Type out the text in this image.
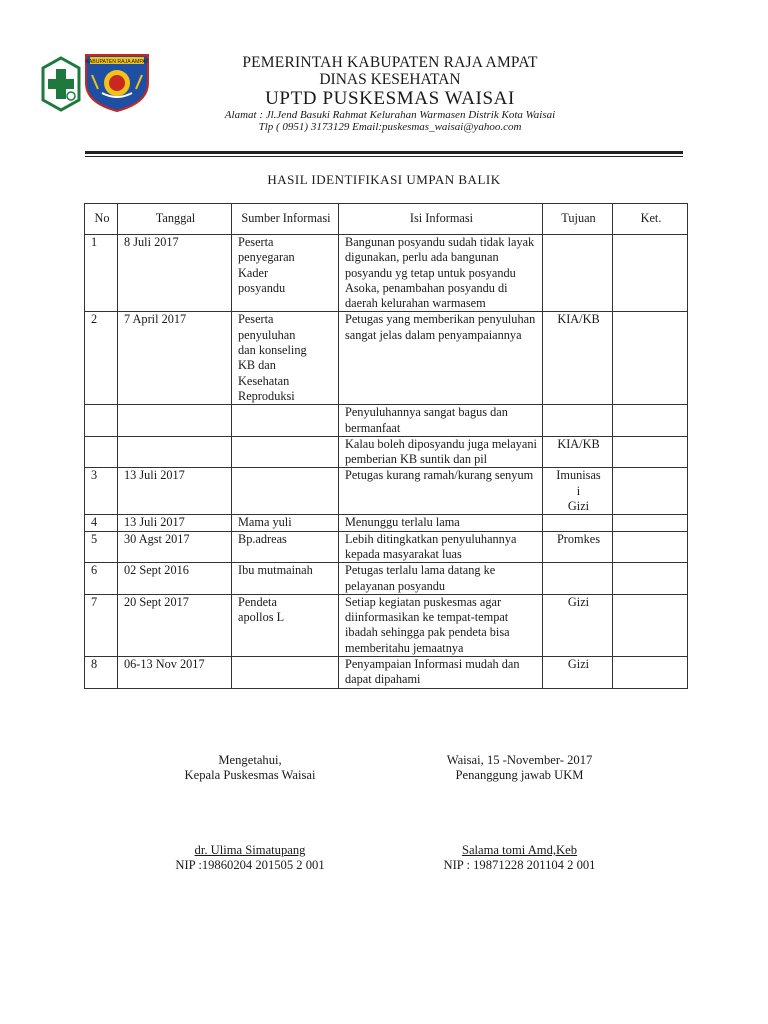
KABUPATEN RAJA AMPAT	PEMERINTAH KABUPATEN RAJA AMPAT
DINAS KESEHATAN
UPTD PUSKESMAS WAISAI
Alamat : Jl.Jend Basuki Rahmat Kelurahan Warmasen Distrik Kota Waisai
Tlp ( 0951) 3173129 Email:puskesmas_waisai@yahoo.com
HASIL IDENTIFIKASI UMPAN BALIK
No	Tanggal	Sumber Informasi	Isi Informasi	Tujuan	Ket.
1	8 Juli 2017	Peserta penyegaran Kader posyandu	Bangunan posyandu sudah tidak layak digunakan, perlu ada bangunan posyandu yg tetap untuk posyandu Asoka, penambahan posyandu di daerah kelurahan warmasem		
2	7 April 2017	Peserta penyuluhan dan konseling KB dan Kesehatan Reproduksi	Petugas yang memberikan penyuluhan sangat jelas dalam penyampaiannya	KIA/KB	
			Penyuluhannya sangat bagus dan bermanfaat		
			Kalau boleh diposyandu juga melayani pemberian KB suntik dan pil	KIA/KB	
3	13 Juli 2017		Petugas kurang ramah/kurang senyum	Imunisas
i
Gizi	
4	13 Juli 2017	Mama yuli	Menunggu terlalu lama		
5	30 Agst 2017	Bp.adreas	Lebih ditingkatkan penyuluhannya kepada masyarakat luas	Promkes	
6	02 Sept 2016	Ibu mutmainah	Petugas terlalu lama datang ke pelayanan posyandu		
7	20 Sept 2017	Pendeta apollos L	Setiap kegiatan puskesmas agar diinformasikan ke tempat-tempat ibadah sehingga pak pendeta bisa memberitahu jemaatnya	Gizi	
8	06-13 Nov 2017		Penyampaian Informasi mudah dan dapat dipahami	Gizi	
Mengetahui,
Kepala Puskesmas Waisai
dr. Ulima Simatupang
NIP :19860204 201505 2 001
Waisai, 15 -November- 2017
Penanggung jawab UKM
Salama tomi Amd,Keb
NIP : 19871228 201104 2 001
